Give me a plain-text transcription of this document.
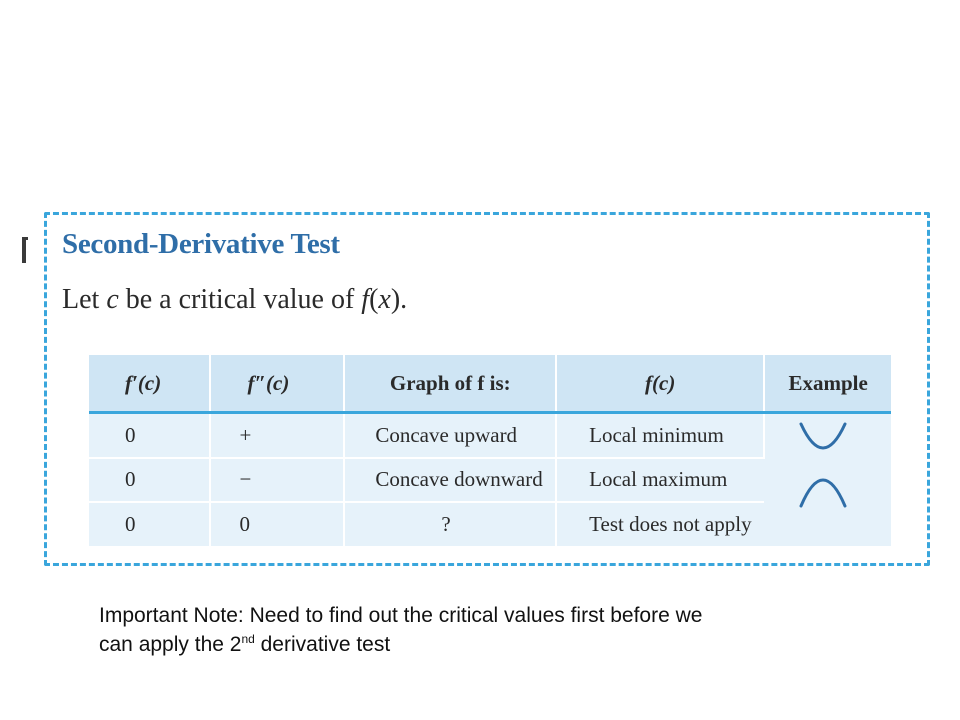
Second-Derivative Test
Let c be a critical value of f(x).
f′(c)	f″(c)	Graph of f is:	f(c)	Example
0	+	Concave upward	Local minimum	

0	−	Concave downward	Local maximum	
0	0	?	Test does not apply	
Important Note: Need to find out the critical values first before we
can apply the 2nd derivative test
